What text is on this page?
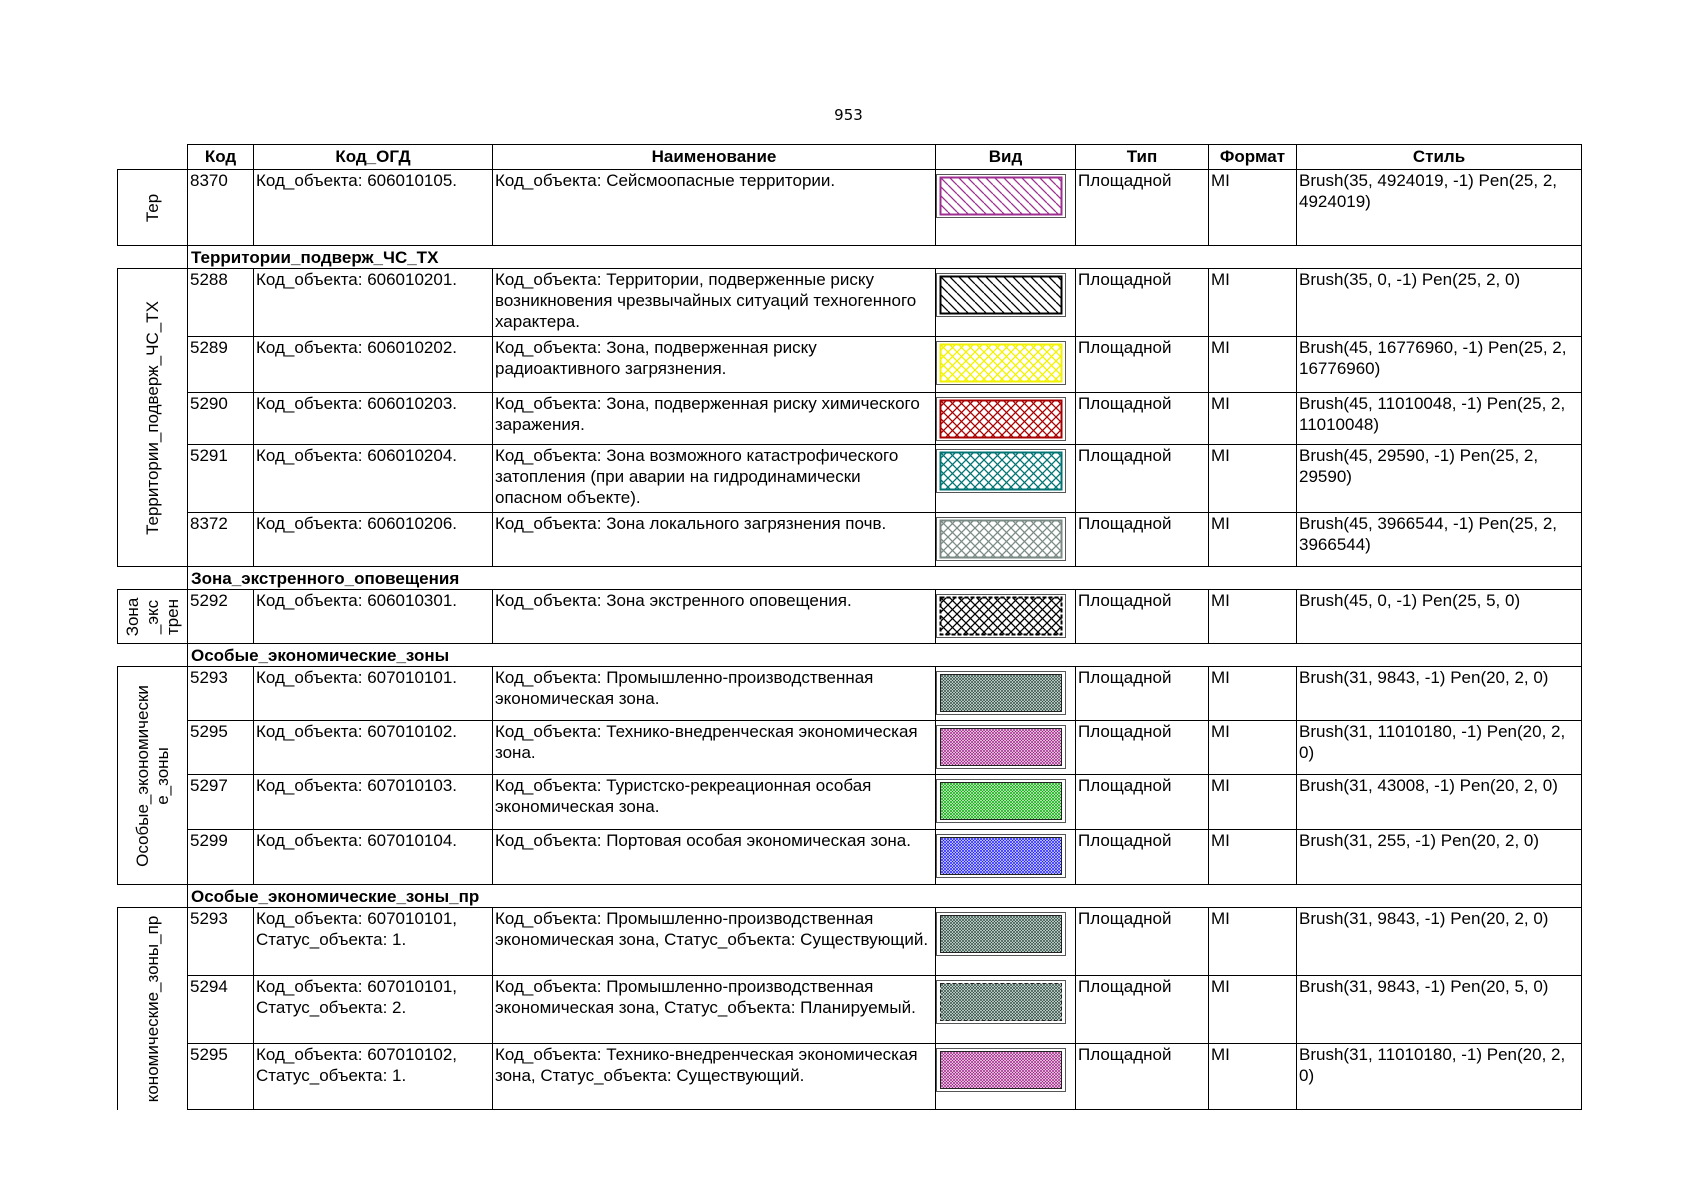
953
	Код	Код_ОГД	Наименование	Вид	Тип	Формат	Стиль

Тер	8370	Код_объекта: 606010105.	Код_объекта: Сейсмоопасные территории.		Площадной	MI	Brush(35, 4924019, -1) Pen(25, 2, 4924019)
	Территории_подверж_ЧС_ТХ						

Территории_подверж_ЧС_ТХ	5288	Код_объекта: 606010201.	Код_объекта: Территории, подверженные риску возникновения чрезвычайных ситуаций техногенного характера.		Площадной	MI	Brush(35, 0, -1) Pen(25, 2, 0)
	5289	Код_объекта: 606010202.	Код_объекта: Зона, подверженная риску радиоактивного загрязнения.		Площадной	MI	Brush(45, 16776960, -1) Pen(25, 2, 16776960)
	5290	Код_объекта: 606010203.	Код_объекта: Зона, подверженная риску химического заражения.		Площадной	MI	Brush(45, 11010048, -1) Pen(25, 2, 11010048)
	5291	Код_объекта: 606010204.	Код_объекта: Зона возможного катастрофического затопления (при аварии на гидродинамически опасном объекте).		Площадной	MI	Brush(45, 29590, -1) Pen(25, 2, 29590)
	8372	Код_объекта: 606010206.	Код_объекта: Зона локального загрязнения почв.		Площадной	MI	Brush(45, 3966544, -1) Pen(25, 2, 3966544)
	Зона_экстренного_оповещения						

Зона _экс трен	5292	Код_объекта: 606010301.	Код_объекта: Зона экстренного оповещения.		Площадной	MI	Brush(45, 0, -1) Pen(25, 5, 0)
	Особые_экономические_зоны						

Особые_экономически е_зоны	5293	Код_объекта: 607010101.	Код_объекта: Промышленно-производственная экономическая зона.		Площадной	MI	Brush(31, 9843, -1) Pen(20, 2, 0)
	5295	Код_объекта: 607010102.	Код_объекта: Технико-внедренческая экономическая зона.		Площадной	MI	Brush(31, 11010180, -1) Pen(20, 2, 0)
	5297	Код_объекта: 607010103.	Код_объекта: Туристско-рекреационная особая экономическая зона.		Площадной	MI	Brush(31, 43008, -1) Pen(20, 2, 0)
	5299	Код_объекта: 607010104.	Код_объекта: Портовая особая экономическая зона.		Площадной	MI	Brush(31, 255, -1) Pen(20, 2, 0)
	Особые_экономические_зоны_пр						

кономические_зоны_пр	5293	Код_объекта: 607010101, Статус_объекта: 1.	Код_объекта: Промышленно-производственная экономическая зона, Статус_объекта: Существующий.		Площадной	MI	Brush(31, 9843, -1) Pen(20, 2, 0)
	5294	Код_объекта: 607010101, Статус_объекта: 2.	Код_объекта: Промышленно-производственная экономическая зона, Статус_объекта: Планируемый.		Площадной	MI	Brush(31, 9843, -1) Pen(20, 5, 0)
	5295	Код_объекта: 607010102, Статус_объекта: 1.	Код_объекта: Технико-внедренческая экономическая зона, Статус_объекта: Существующий.		Площадной	MI	Brush(31, 11010180, -1) Pen(20, 2, 0)
